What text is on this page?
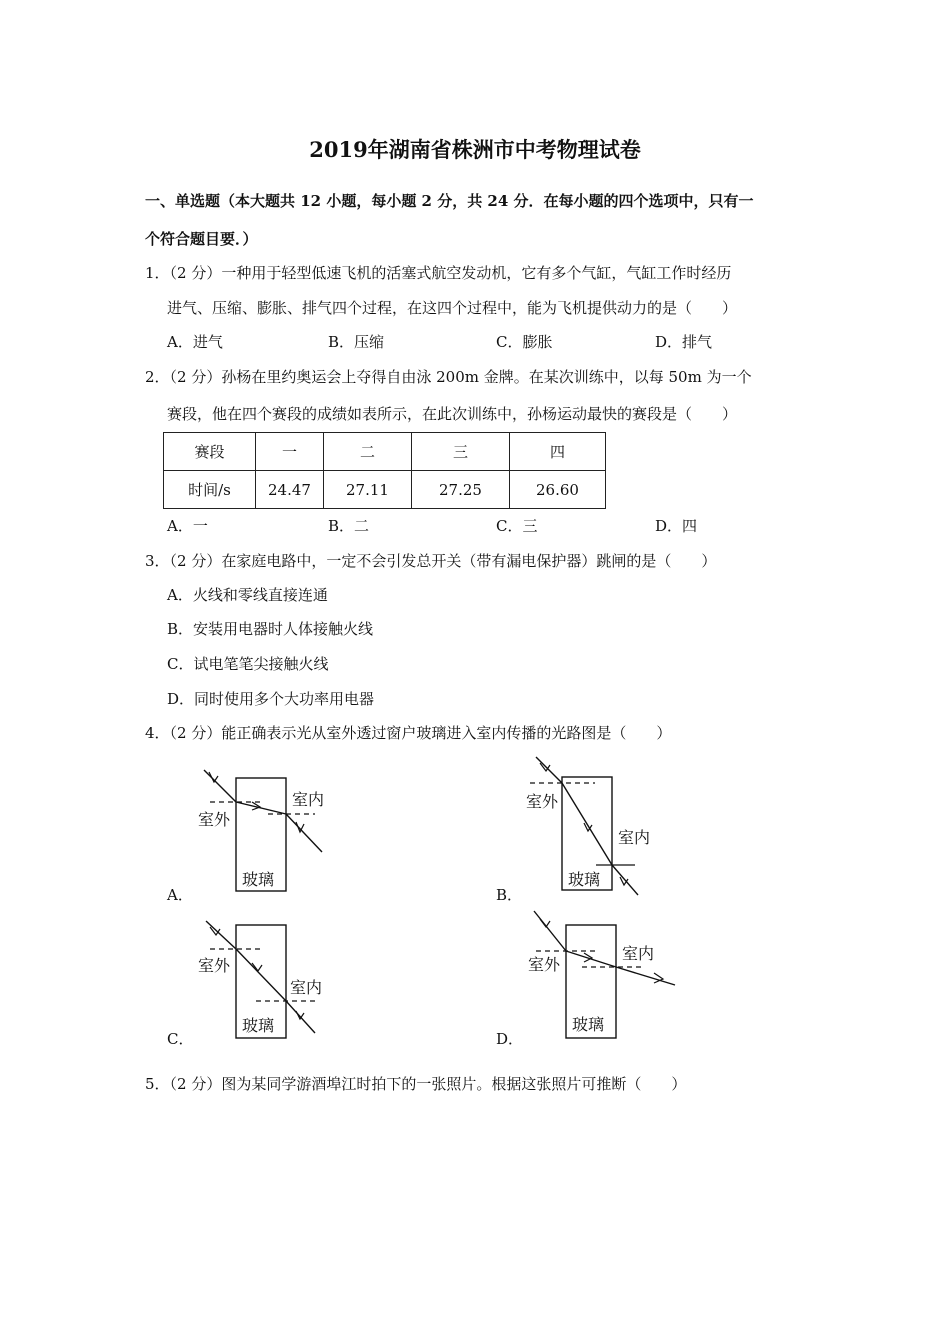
2019年湖南省株洲市中考物理试卷
一、单选题（本大题共 12 小题，每小题 2 分，共 24 分．在每小题的四个选项中，只有一
个符合题目要．）
1．（2 分）一种用于轻型低速飞机的活塞式航空发动机，它有多个气缸，气缸工作时经历
进气、压缩、膨胀、排气四个过程，在这四个过程中，能为飞机提供动力的是（　　）
A．进气	B．压缩	C．膨胀	D．排气
2．（2 分）孙杨在里约奥运会上夺得自由泳 200m 金牌。在某次训练中，以每 50m 为一个
赛段，他在四个赛段的成绩如表所示，在此次训练中，孙杨运动最快的赛段是（　　）
赛段	一	二	三	四
时间/s	24.47	27.11	27.25	26.60
A．一	B．二	C．三	D．四
3．（2 分）在家庭电路中，一定不会引发总开关（带有漏电保护器）跳闸的是（　　）
A．火线和零线直接连通
B．安装用电器时人体接触火线
C．试电笔笔尖接触火线
D．同时使用多个大功率用电器
4．（2 分）能正确表示光从室外透过窗户玻璃进入室内传播的光路图是（　　）
A．	B．
C．	D．
室外
室内
玻璃
室外
室内
玻璃
室外
室内
玻璃
室外
室内
玻璃
5．（2 分）图为某同学游酒埠江时拍下的一张照片。根据这张照片可推断（　　）
